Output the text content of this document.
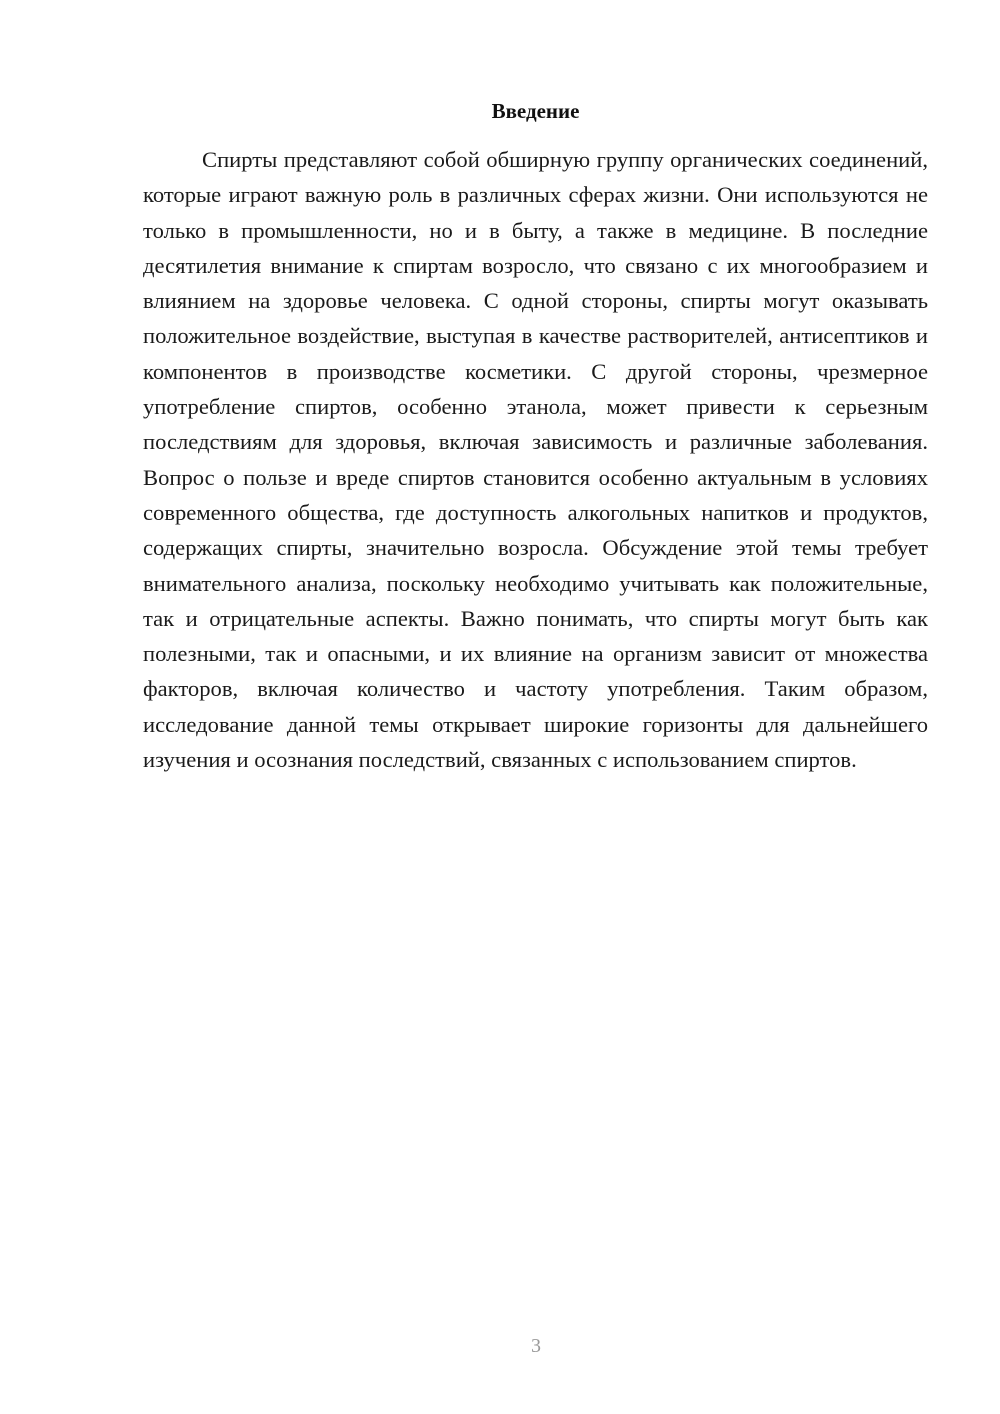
Введение

Спирты представляют собой обширную группу органических соединений, которые играют важную роль в различных сферах жизни. Они используются не только в промышленности, но и в быту, а также в медицине. В последние десятилетия внимание к спиртам возросло, что связано с их многообразием и влиянием на здоровье человека. С одной стороны, спирты могут оказывать положительное воздействие, выступая в качестве растворителей, антисептиков и компонентов в производстве косметики. С другой стороны, чрезмерное употребление спиртов, особенно этанола, может привести к серьезным последствиям для здоровья, включая зависимость и различные заболевания. Вопрос о пользе и вреде спиртов становится особенно актуальным в условиях современного общества, где доступность алкогольных напитков и продуктов, содержащих спирты, значительно возросла. Обсуждение этой темы требует внимательного анализа, поскольку необходимо учитывать как положительные, так и отрицательные аспекты. Важно понимать, что спирты могут быть как полезными, так и опасными, и их влияние на организм зависит от множества факторов, включая количество и частоту употребления. Таким образом, исследование данной темы открывает широкие горизонты для дальнейшего изучения и осознания последствий, связанных с использованием спиртов.

3
